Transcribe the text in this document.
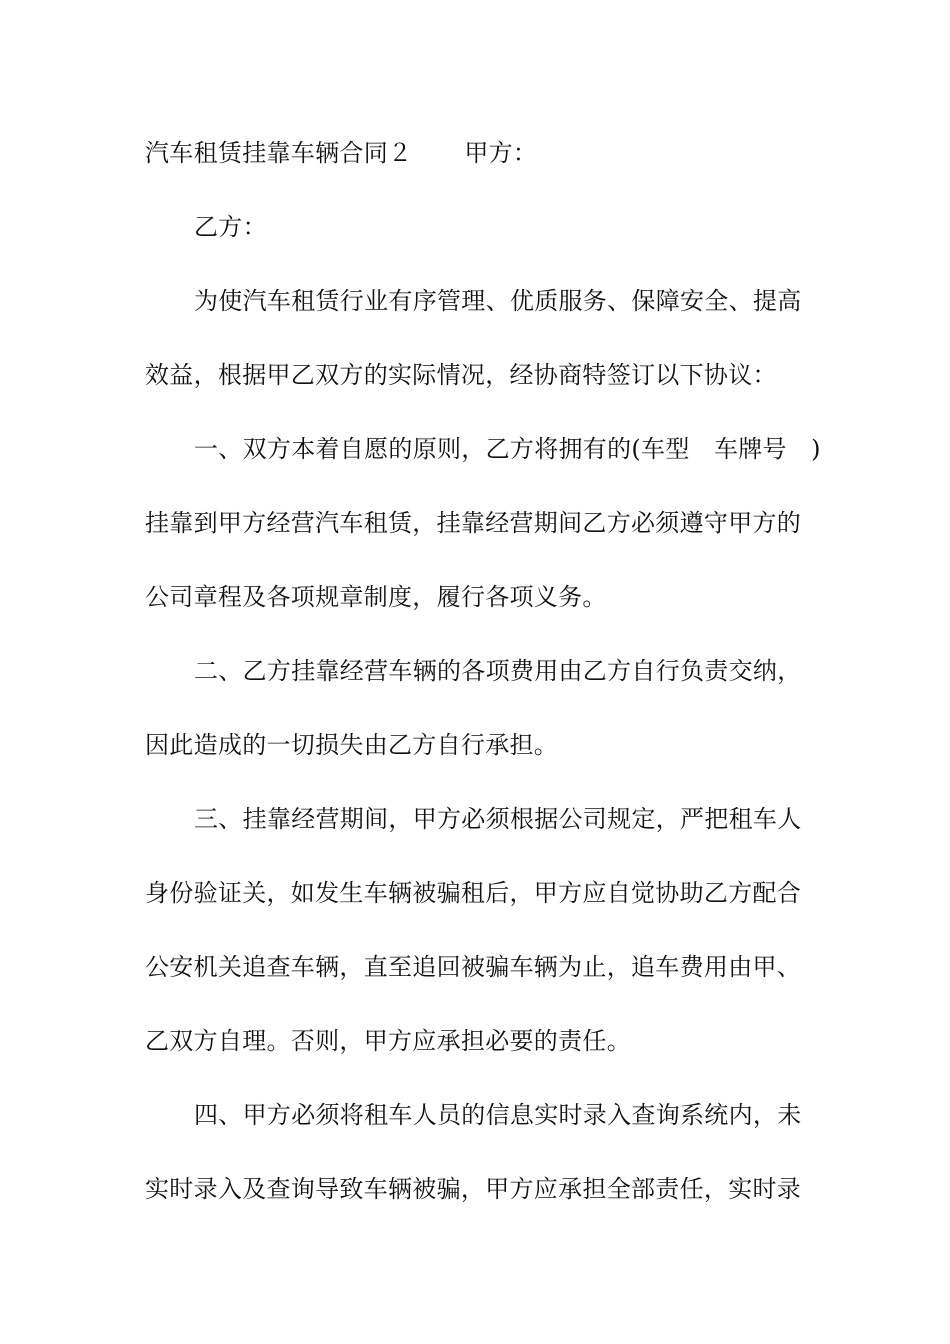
汽车租赁挂靠车辆合同２ 甲方：
乙方：
为使汽车租赁行业有序管理、优质服务、保障安全、提高
效益，根据甲乙双方的实际情况，经协商特签订以下协议：
一、双方本着自愿的原则，乙方将拥有的(车型　车牌号　)
挂靠到甲方经营汽车租赁，挂靠经营期间乙方必须遵守甲方的
公司章程及各项规章制度，履行各项义务。
二、乙方挂靠经营车辆的各项费用由乙方自行负责交纳，
因此造成的一切损失由乙方自行承担。
三、挂靠经营期间，甲方必须根据公司规定，严把租车人
身份验证关，如发生车辆被骗租后，甲方应自觉协助乙方配合
公安机关追查车辆，直至追回被骗车辆为止，追车费用由甲、
乙双方自理。否则，甲方应承担必要的责任。
四、甲方必须将租车人员的信息实时录入查询系统内，未
实时录入及查询导致车辆被骗，甲方应承担全部责任，实时录
